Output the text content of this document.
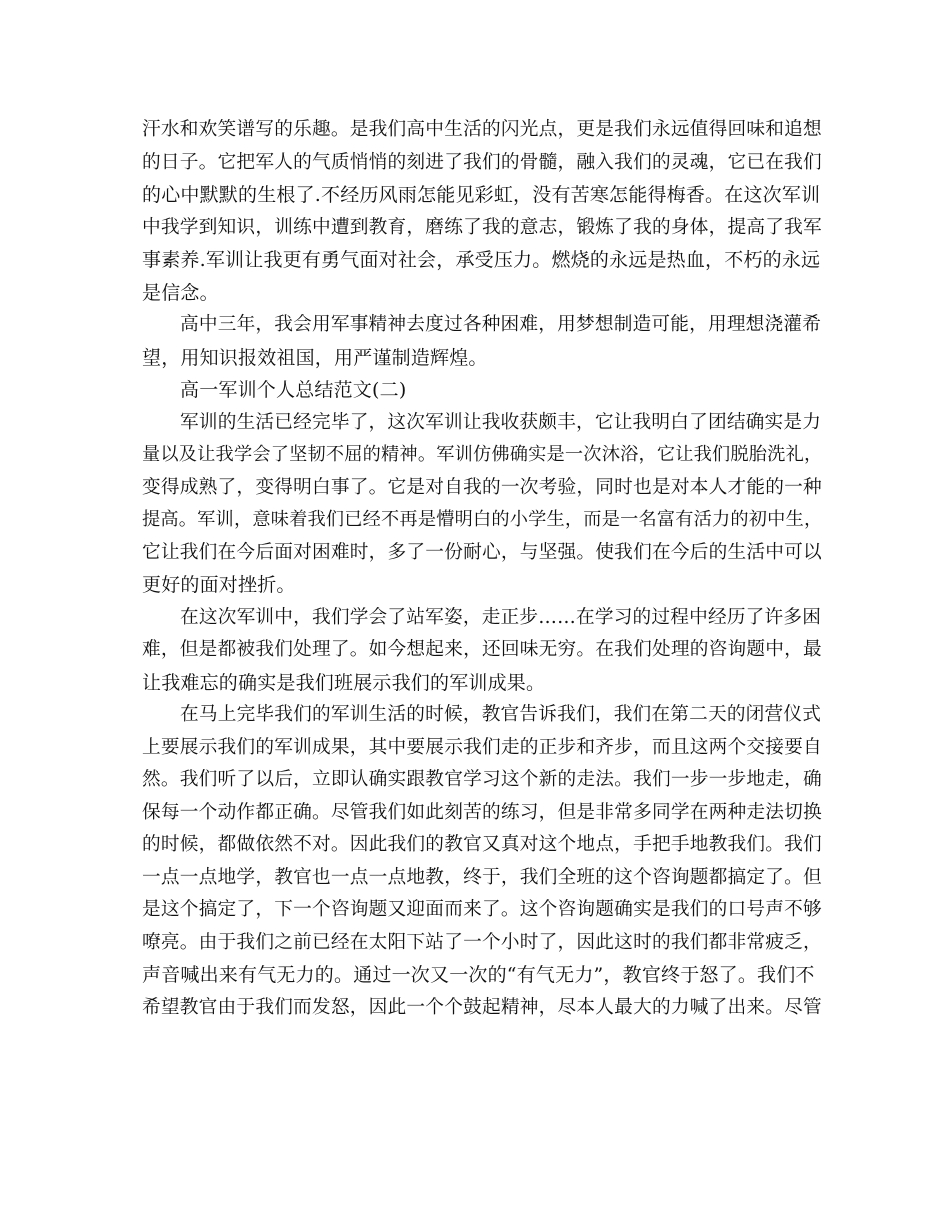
汗水和欢笑谱写的乐趣。是我们高中生活的闪光点，更是我们永远值得回味和追想
的日子。它把军人的气质悄悄的刻进了我们的骨髓，融入我们的灵魂，它已在我们
的心中默默的生根了.不经历风雨怎能见彩虹，没有苦寒怎能得梅香。在这次军训
中我学到知识，训练中遭到教育，磨练了我的意志，锻炼了我的身体，提高了我军
事素养.军训让我更有勇气面对社会，承受压力。燃烧的永远是热血，不朽的永远
是信念。
高中三年，我会用军事精神去度过各种困难，用梦想制造可能，用理想浇灌希
望，用知识报效祖国，用严谨制造辉煌。
高一军训个人总结范文(二)
军训的生活已经完毕了，这次军训让我收获颇丰，它让我明白了团结确实是力
量以及让我学会了坚韧不屈的精神。军训仿佛确实是一次沐浴，它让我们脱胎洗礼，
变得成熟了，变得明白事了。它是对自我的一次考验，同时也是对本人才能的一种
提高。军训，意味着我们已经不再是懵明白的小学生，而是一名富有活力的初中生，
它让我们在今后面对困难时，多了一份耐心，与坚强。使我们在今后的生活中可以
更好的面对挫折。
在这次军训中，我们学会了站军姿，走正步……在学习的过程中经历了许多困
难，但是都被我们处理了。如今想起来，还回味无穷。在我们处理的咨询题中，最
让我难忘的确实是我们班展示我们的军训成果。
在马上完毕我们的军训生活的时候，教官告诉我们，我们在第二天的闭营仪式
上要展示我们的军训成果，其中要展示我们走的正步和齐步，而且这两个交接要自
然。我们听了以后，立即认确实跟教官学习这个新的走法。我们一步一步地走，确
保每一个动作都正确。尽管我们如此刻苦的练习，但是非常多同学在两种走法切换
的时候，都做依然不对。因此我们的教官又真对这个地点，手把手地教我们。我们
一点一点地学，教官也一点一点地教，终于，我们全班的这个咨询题都搞定了。但
是这个搞定了，下一个咨询题又迎面而来了。这个咨询题确实是我们的口号声不够
嘹亮。由于我们之前已经在太阳下站了一个小时了，因此这时的我们都非常疲乏，
声音喊出来有气无力的。通过一次又一次的“有气无力”，教官终于怒了。我们不
希望教官由于我们而发怒，因此一个个鼓起精神，尽本人最大的力喊了出来。尽管
